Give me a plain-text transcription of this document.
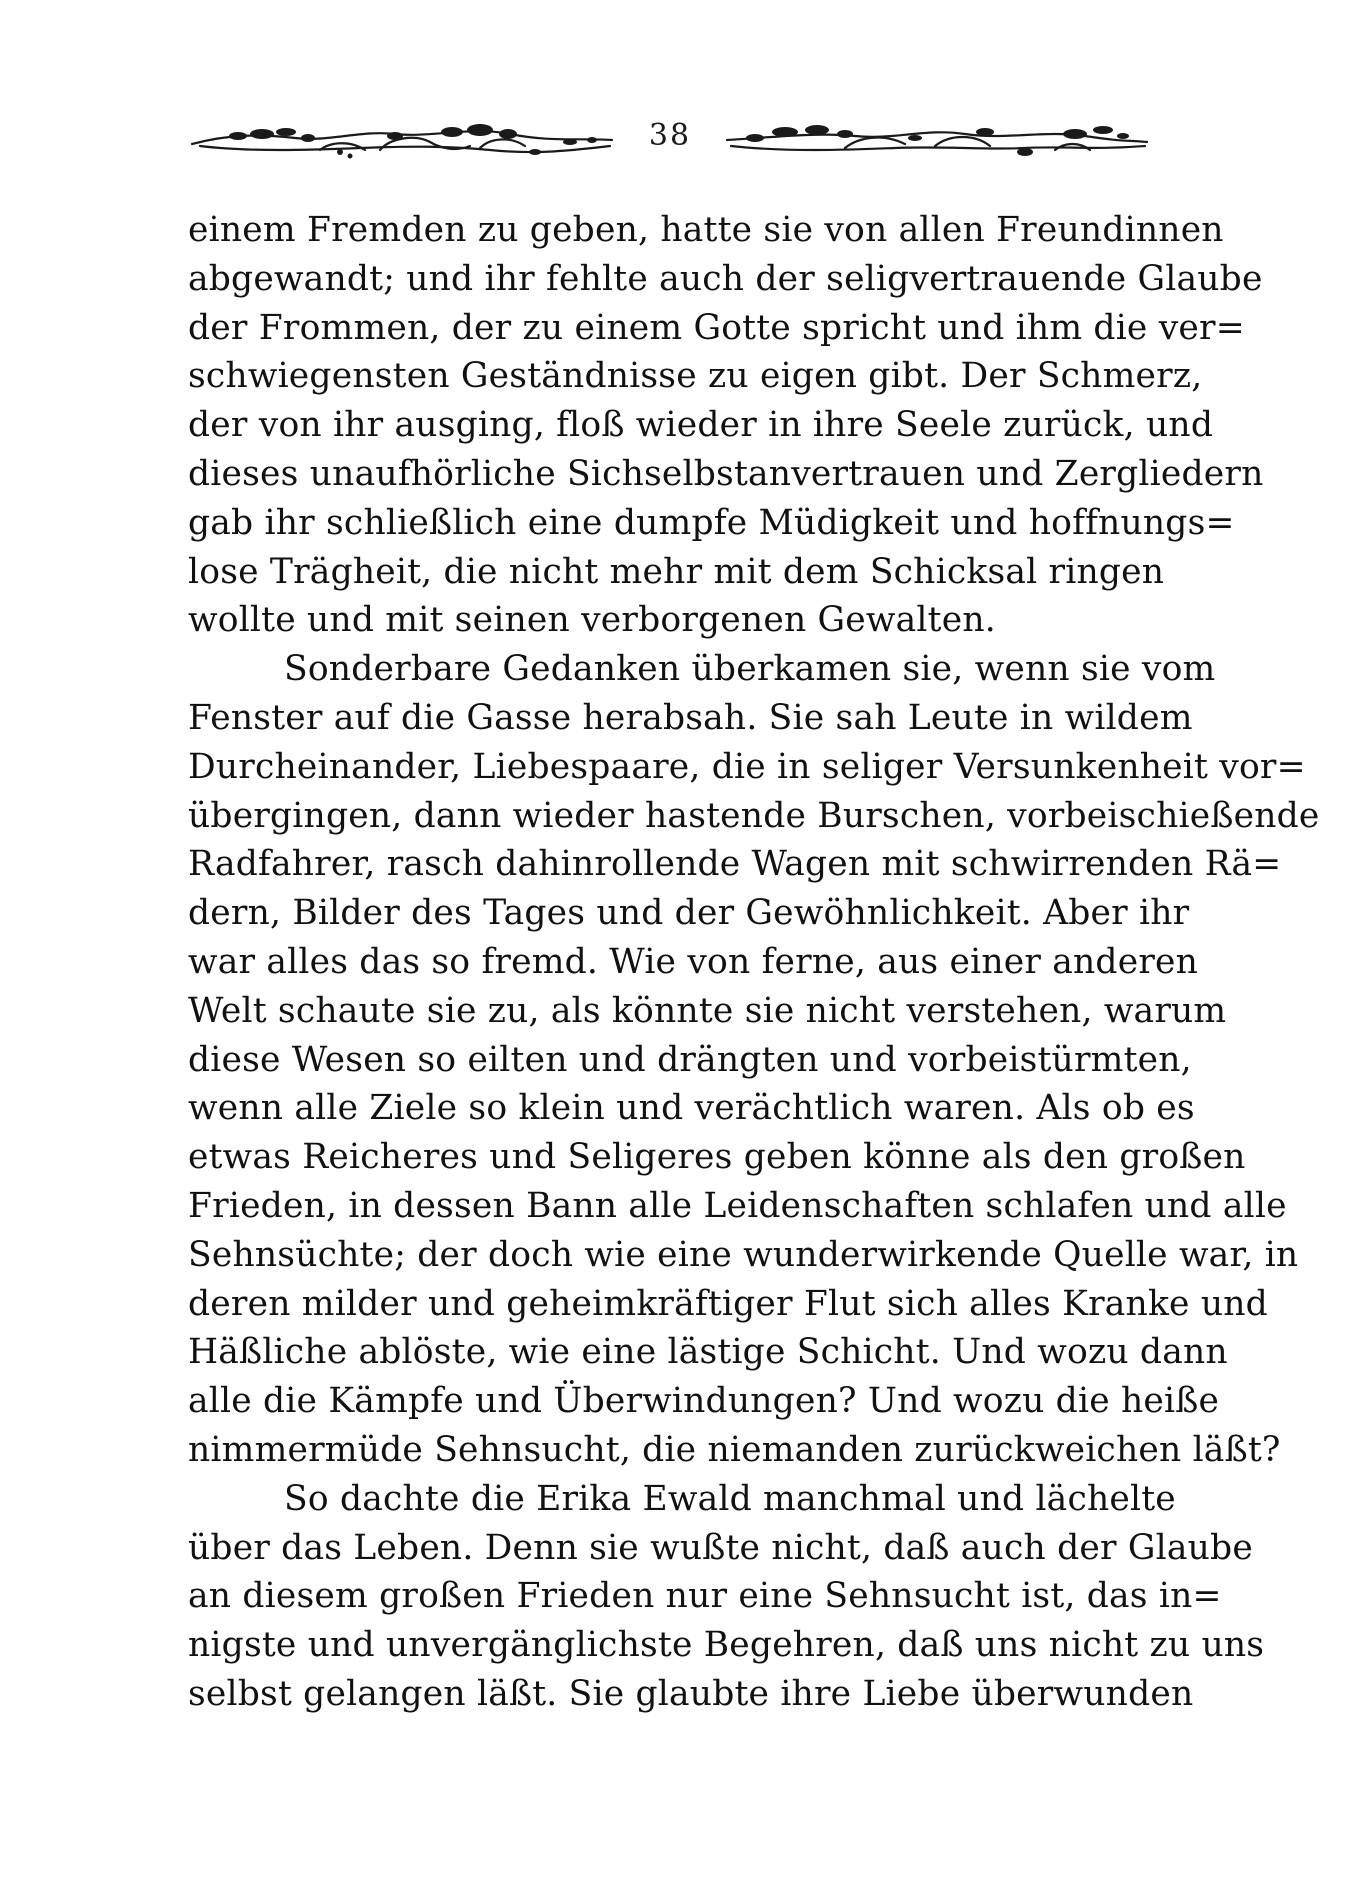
38
einem Fremden zu geben, hatte sie von allen Freundinnen
abgewandt; und ihr fehlte auch der seligvertrauende Glaube
der Frommen, der zu einem Gotte spricht und ihm die ver=
schwiegensten Geständnisse zu eigen gibt. Der Schmerz,
der von ihr ausging, floß wieder in ihre Seele zurück, und
dieses unaufhörliche Sichselbstanvertrauen und Zergliedern
gab ihr schließlich eine dumpfe Müdigkeit und hoffnungs=
lose Trägheit, die nicht mehr mit dem Schicksal ringen
wollte und mit seinen verborgenen Gewalten.
Sonderbare Gedanken überkamen sie, wenn sie vom
Fenster auf die Gasse herabsah. Sie sah Leute in wildem
Durcheinander, Liebespaare, die in seliger Versunkenheit vor=
übergingen, dann wieder hastende Burschen, vorbeischießende
Radfahrer, rasch dahinrollende Wagen mit schwirrenden Rä=
dern, Bilder des Tages und der Gewöhnlichkeit. Aber ihr
war alles das so fremd. Wie von ferne, aus einer anderen
Welt schaute sie zu, als könnte sie nicht verstehen, warum
diese Wesen so eilten und drängten und vorbeistürmten,
wenn alle Ziele so klein und verächtlich waren. Als ob es
etwas Reicheres und Seligeres geben könne als den großen
Frieden, in dessen Bann alle Leidenschaften schlafen und alle
Sehnsüchte; der doch wie eine wunderwirkende Quelle war, in
deren milder und geheimkräftiger Flut sich alles Kranke und
Häßliche ablöste, wie eine lästige Schicht. Und wozu dann
alle die Kämpfe und Überwindungen? Und wozu die heiße
nimmermüde Sehnsucht, die niemanden zurückweichen läßt?
So dachte die Erika Ewald manchmal und lächelte
über das Leben. Denn sie wußte nicht, daß auch der Glaube
an diesem großen Frieden nur eine Sehnsucht ist, das in=
nigste und unvergänglichste Begehren, daß uns nicht zu uns
selbst gelangen läßt. Sie glaubte ihre Liebe überwunden
